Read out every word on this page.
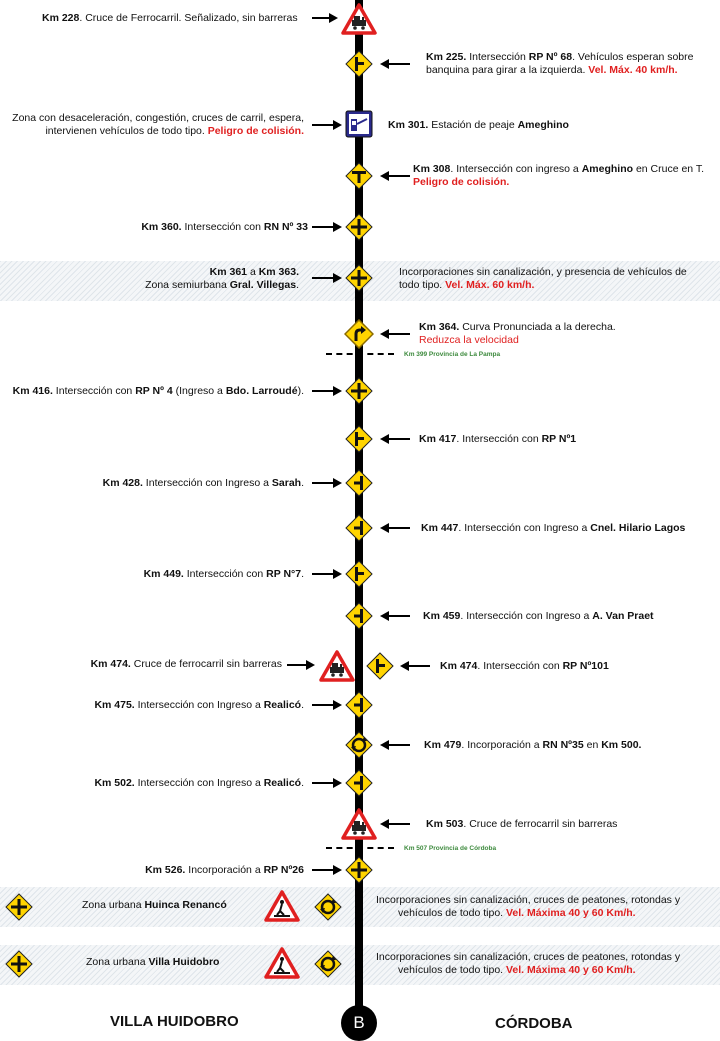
Km 399 Provincia de La Pampa
Km 507 Provincia de Córdoba
Km 228. Cruce de Ferrocarril. Señalizado, sin barreras
Km 225. Intersección RP Nº 68. Vehículos esperan sobre
banquina para girar a la izquierda. Vel. Máx. 40 km/h.
Zona con desaceleración, congestión, cruces de carril, espera,
intervienen vehículos de todo tipo. Peligro de colisión.	Km 301. Estación de peaje Ameghino
Km 308. Intersección con ingreso a Ameghino en Cruce en T.
Peligro de colisión.
Km 360. Intersección con RN Nº 33
Km 361 a Km 363.
Zona semiurbana Gral. Villegas.
Incorporaciones sin canalización, y presencia de vehículos de
todo tipo. Vel. Máx. 60 km/h.
Km 364. Curva Pronunciada a la derecha.
Reduzca la velocidad
Km 416. Intersección con RP Nº 4 (Ingreso a Bdo. Larroudé).
Km 417. Intersección con RP Nº1
Km 428. Intersección con Ingreso a Sarah.
Km 447. Intersección con Ingreso a Cnel. Hilario Lagos
Km 449. Intersección con RP N°7.
Km 459. Intersección con Ingreso a A. Van Praet
Km 474. Cruce de ferrocarril sin barreras	Km 474. Intersección con RP Nº101
Km 475. Intersección con Ingreso a Realicó.
Km 479. Incorporación a RN Nº35 en Km 500.
Km 502. Intersección con Ingreso a Realicó.
Km 503. Cruce de ferrocarril sin barreras
Km 526. Incorporación a RP Nº26
Zona urbana Huinca Renancó	Incorporaciones sin canalización, cruces de peatones, rotondas y
vehículos de todo tipo. Vel. Máxima 40 y 60 Km/h.
Zona urbana Villa Huidobro	Incorporaciones sin canalización, cruces de peatones, rotondas y
vehículos de todo tipo. Vel. Máxima 40 y 60 Km/h.
VILLA HUIDOBRO	CÓRDOBA
B
